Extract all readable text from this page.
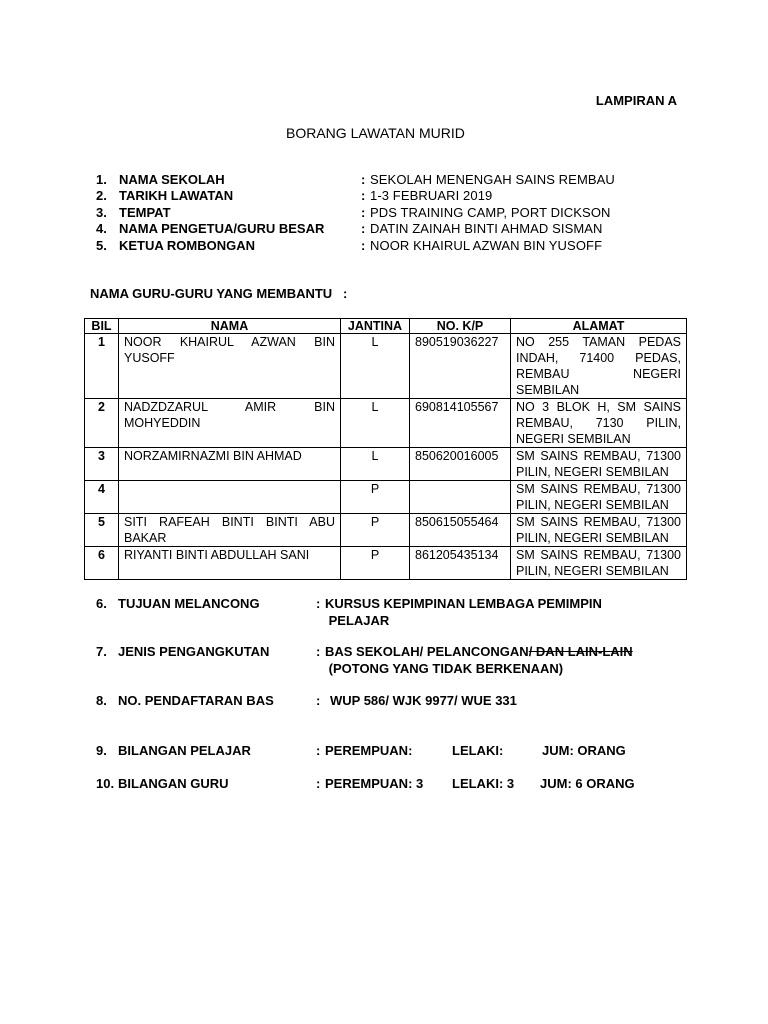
LAMPIRAN A
BORANG LAWATAN MURID
1. NAMA SEKOLAH	: SEKOLAH MENENGAH SAINS REMBAU
2. TARIKH LAWATAN	: 1-3 FEBRUARI 2019
3. TEMPAT	: PDS TRAINING CAMP, PORT DICKSON
4. NAMA PENGETUA/GURU BESAR	: DATIN ZAINAH BINTI AHMAD SISMAN
5. KETUA ROMBONGAN	: NOOR KHAIRUL AZWAN BIN YUSOFF
NAMA GURU-GURU YANG MEMBANTU   :
BIL	NAMA	JANTINA	NO. K/P	ALAMAT
1	NOOR KHAIRUL AZWAN BIN YUSOFF	L	890519036227	NO 255 TAMAN PEDAS INDAH, 71400 PEDAS, REMBAU NEGERI SEMBILAN
2	NADZDZARUL AMIR BIN MOHYEDDIN	L	690814105567	NO 3 BLOK H, SM SAINS REMBAU, 7130 PILIN, NEGERI SEMBILAN
3	NORZAMIRNAZMI BIN AHMAD	L	850620016005	SM SAINS REMBAU, 71300 PILIN, NEGERI SEMBILAN
4		P		SM SAINS REMBAU, 71300 PILIN, NEGERI SEMBILAN
5	SITI RAFEAH BINTI BINTI ABU BAKAR	P	850615055464	SM SAINS REMBAU, 71300 PILIN, NEGERI SEMBILAN
6	RIYANTI BINTI ABDULLAH SANI	P	861205435134	SM SAINS REMBAU, 71300 PILIN, NEGERI SEMBILAN
6. TUJUAN MELANCONG	: KURSUS KEPIMPINAN LEMBAGA PEMIMPIN
PELAJAR
7. JENIS PENGANGKUTAN	: BAS SEKOLAH/ PELANCONGAN/ DAN LAIN-LAIN
(POTONG YANG TIDAK BERKENAAN)
8. NO. PENDAFTARAN BAS	: WUP 586/ WJK 9977/ WUE 331
9. BILANGAN PELAJAR	: PEREMPUAN:	LELAKI:	JUM: ORANG
10. BILANGAN GURU	: PEREMPUAN: 3 LELAKI: 3 JUM: 6 ORANG
